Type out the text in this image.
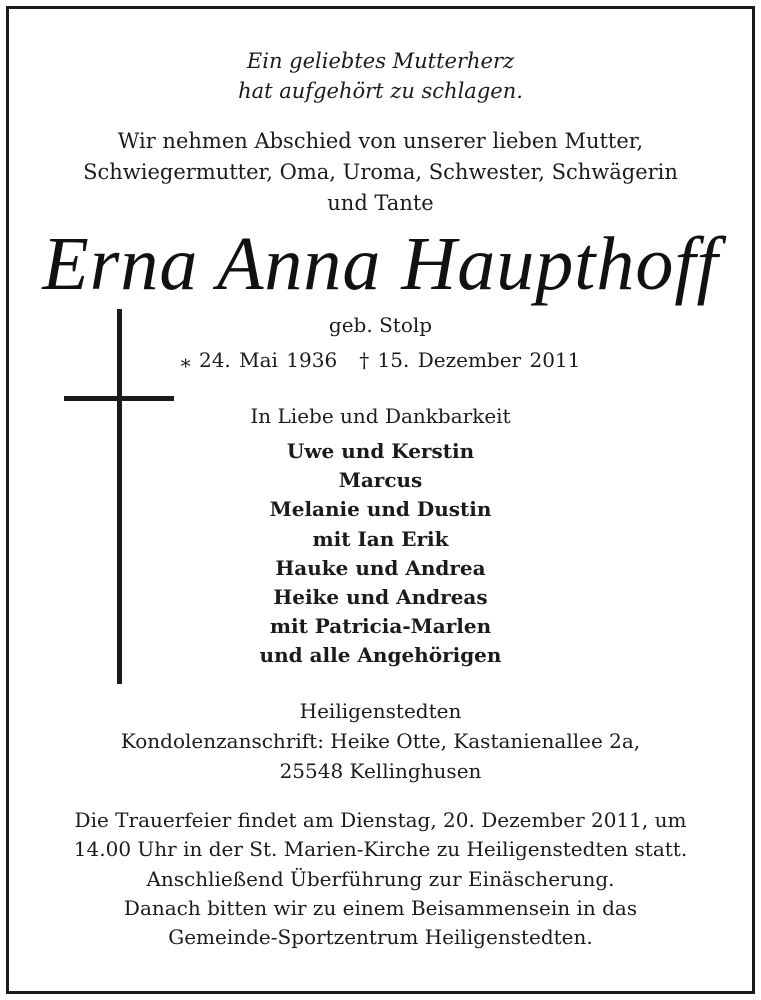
Ein geliebtes Mutterherz
hat aufgehört zu schlagen.
Wir nehmen Abschied von unserer lieben Mutter,
Schwiegermutter, Oma, Uroma, Schwester, Schwägerin
und Tante
Erna Anna Haupthoff
geb. Stolp
⁎ 24. Mai 1936 † 15. Dezember 2011
In Liebe und Dankbarkeit
Uwe und Kerstin
Marcus
Melanie und Dustin
mit Ian Erik
Hauke und Andrea
Heike und Andreas
mit Patricia-Marlen
und alle Angehörigen
Heiligenstedten
Kondolenzanschrift: Heike Otte, Kastanienallee 2a,
25548 Kellinghusen
Die Trauerfeier findet am Dienstag, 20. Dezember 2011, um
14.00 Uhr in der St. Marien-Kirche zu Heiligenstedten statt.
Anschließend Überführung zur Einäscherung.
Danach bitten wir zu einem Beisammensein in das
Gemeinde-Sportzentrum Heiligenstedten.
